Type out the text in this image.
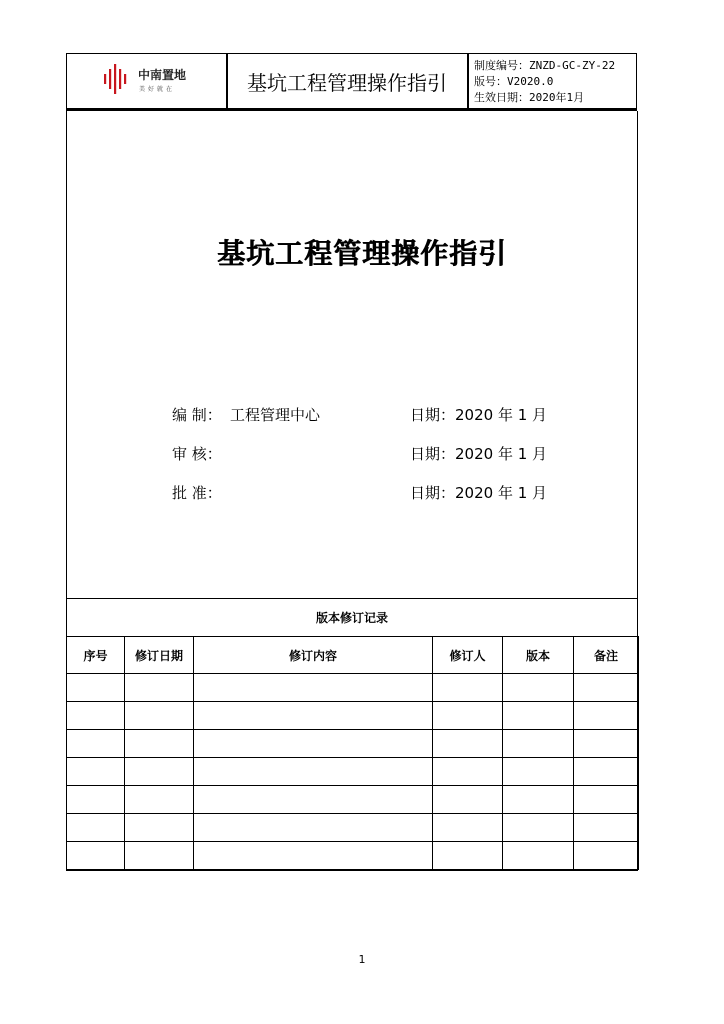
中南置地
美好就在	基坑工程管理操作指引
制度编号：ZNZD-GC-ZY-22
版号：V2020.0
生效日期：2020年1月
基坑工程管理操作指引
编 制： 工程管理中心	日期：2020 年 1 月
审 核：	日期：2020 年 1 月
批 准：	日期：2020 年 1 月
版本修订记录
序号	修订日期	修订内容	修订人	版本	备注

1
